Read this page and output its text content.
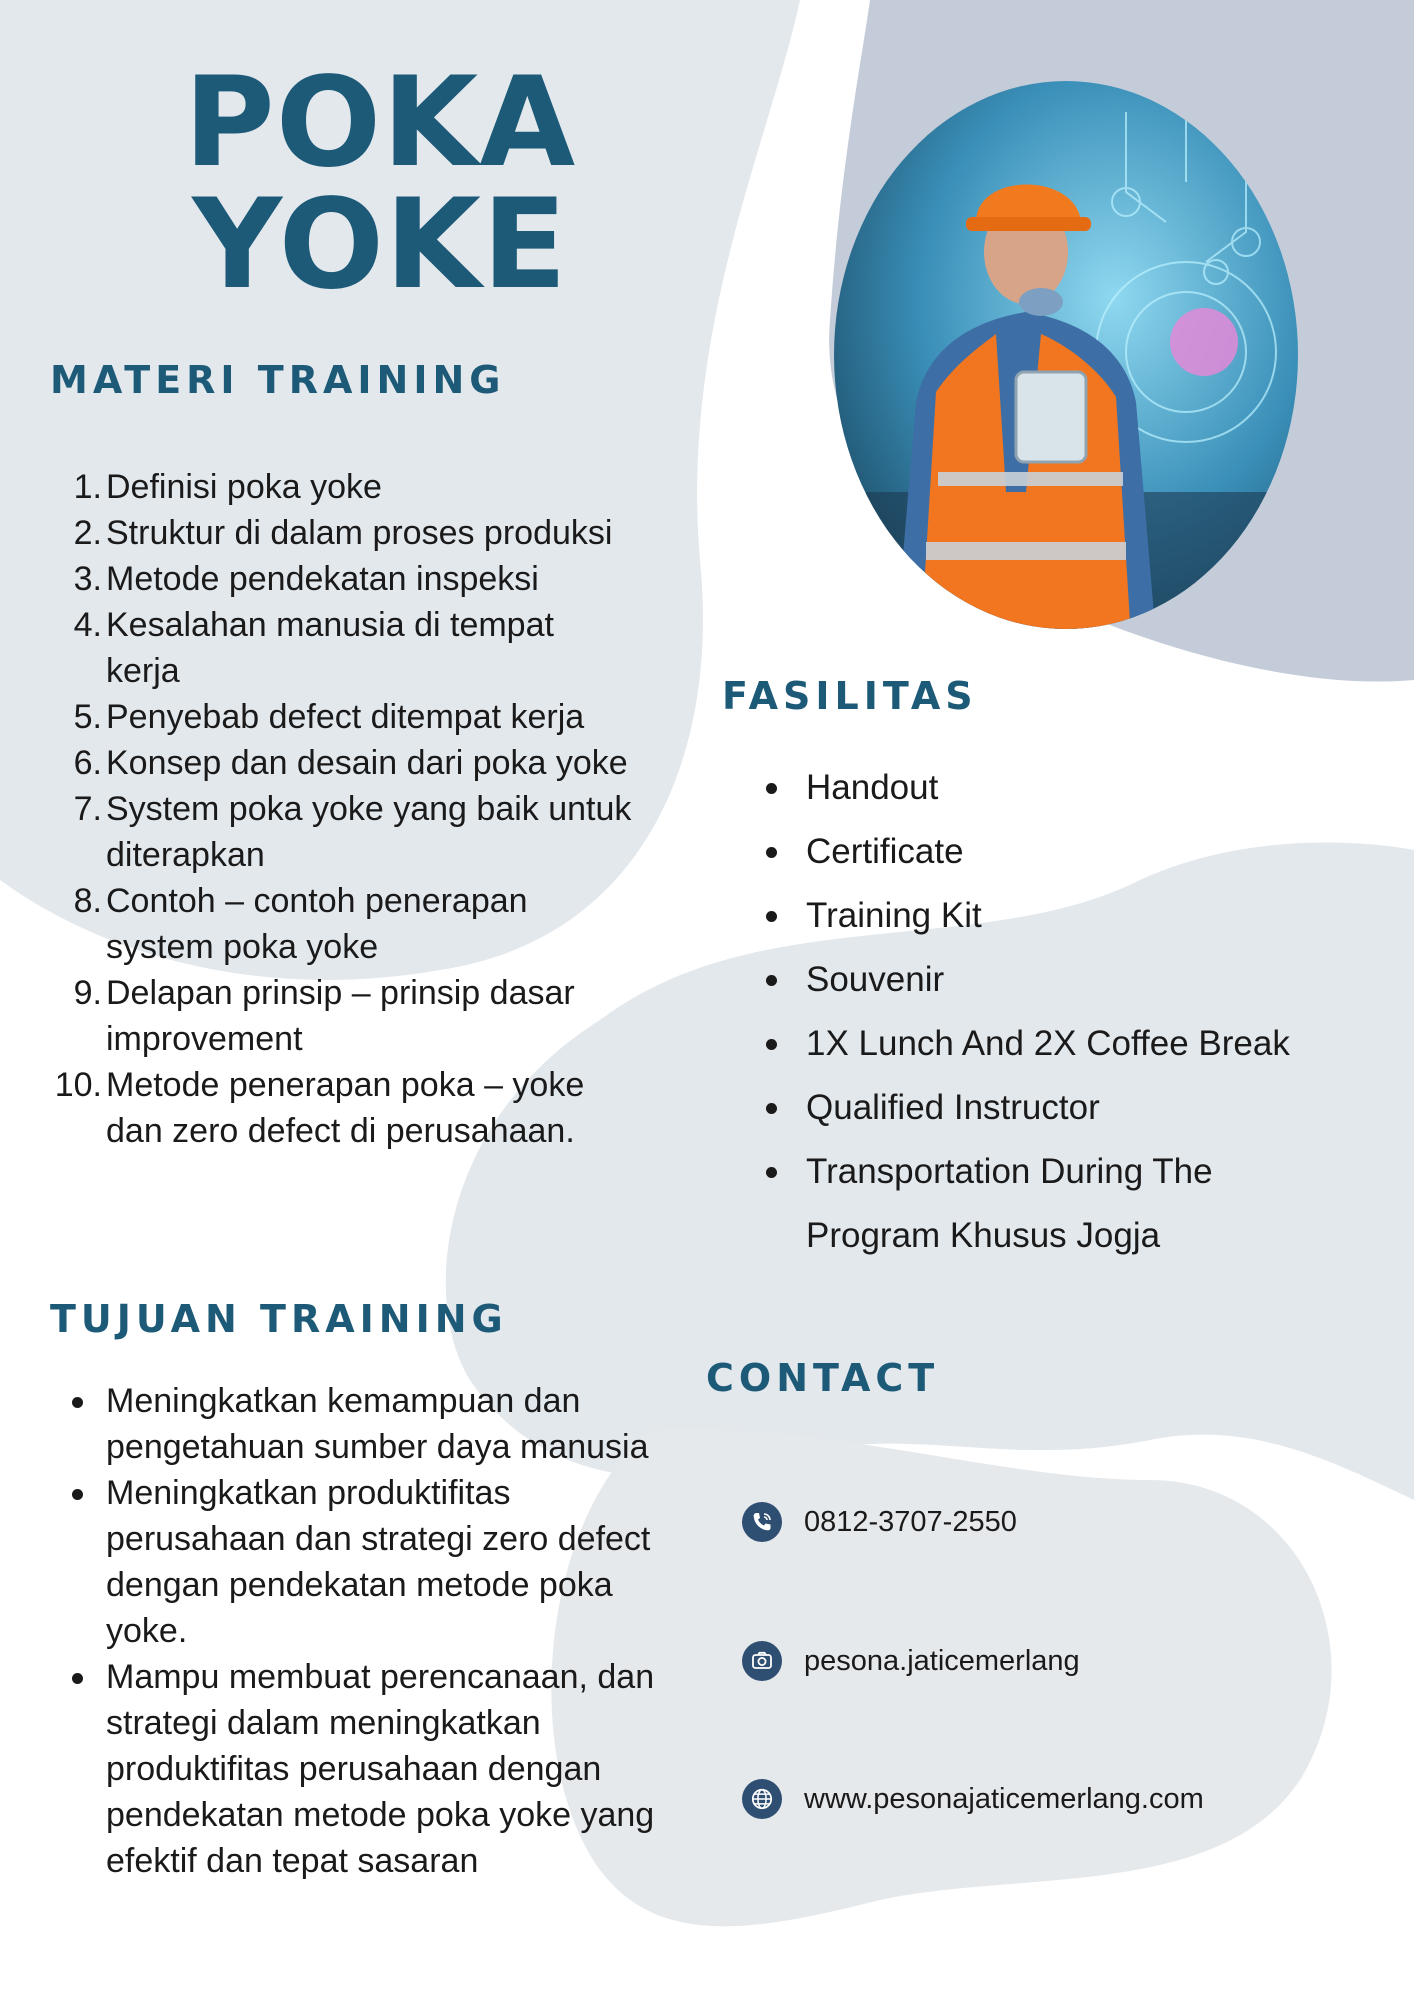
POKA
YOKE
MATERI TRAINING
1. Definisi poka yoke
2. Struktur di dalam proses produksi
3. Metode pendekatan inspeksi
4. Kesalahan manusia di tempat kerja
5. Penyebab defect ditempat kerja
6. Konsep dan desain dari poka yoke
7. System poka yoke yang baik untuk diterapkan
8. Contoh – contoh penerapan system poka yoke
9. Delapan prinsip – prinsip dasar improvement
10. Metode penerapan poka – yoke dan zero defect di perusahaan.
TUJUAN TRAINING
Meningkatkan kemampuan dan pengetahuan sumber daya manusia
Meningkatkan produktifitas perusahaan dan strategi zero defect dengan pendekatan metode poka yoke.
Mampu membuat perencanaan, dan strategi dalam meningkatkan produktifitas perusahaan dengan pendekatan metode poka yoke yang efektif dan tepat sasaran
FASILITAS
Handout
Certificate
Training Kit
Souvenir
1X Lunch And 2X Coffee Break
Qualified Instructor
Transportation During The Program Khusus Jogja
CONTACT
0812-3707-2550
pesona.jaticemerlang
www.pesonajaticemerlang.com
